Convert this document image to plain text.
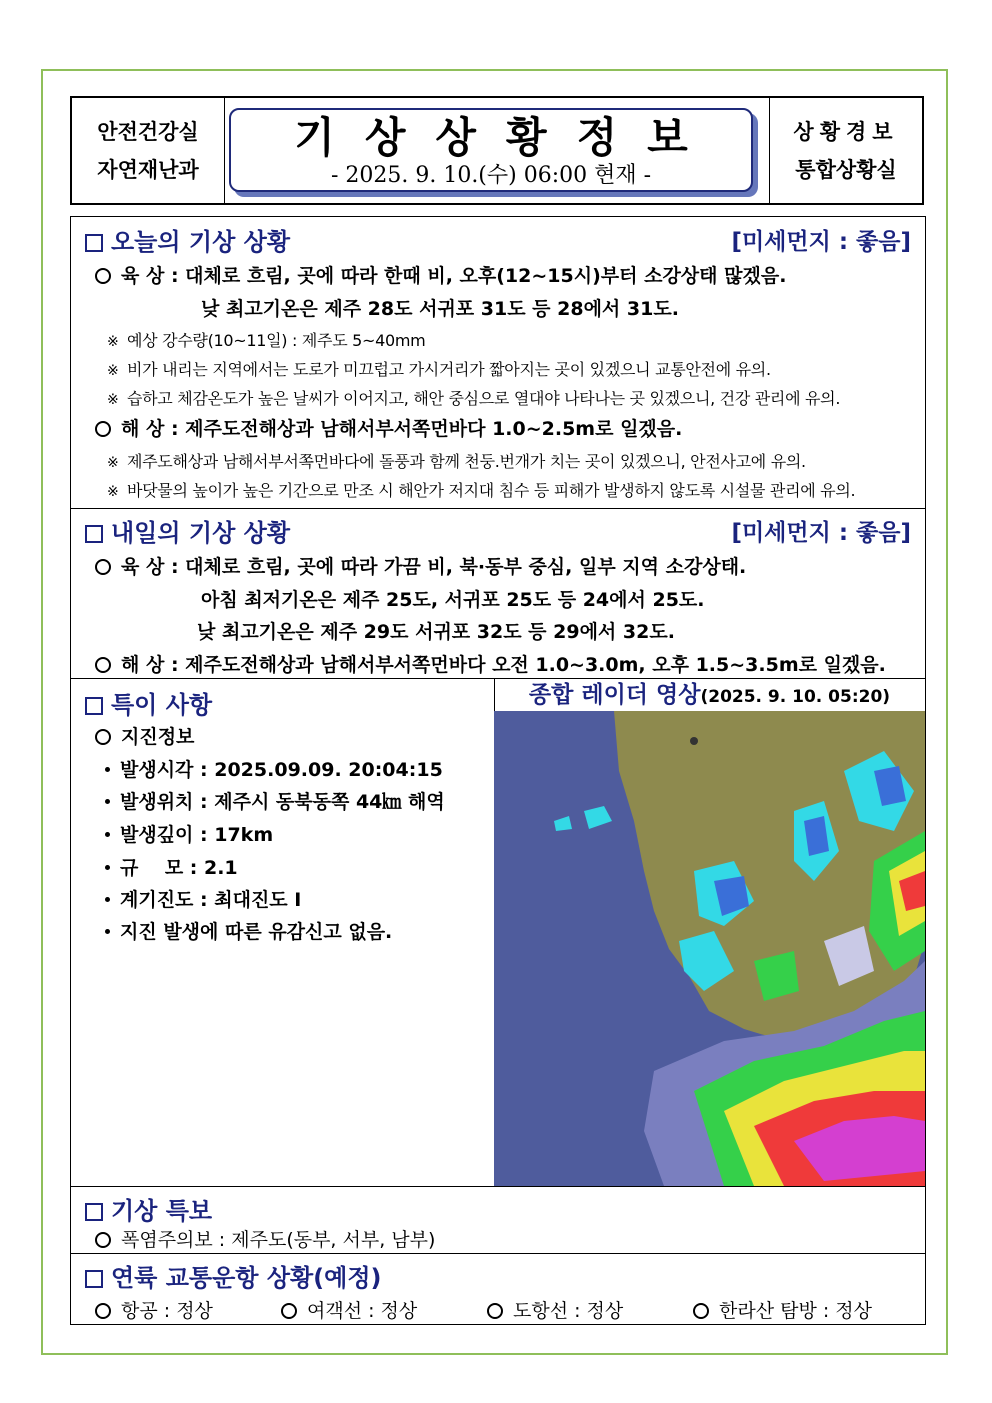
안전건강실
자연재난과
기상상황정보
- 2025. 9. 10.(수) 06:00 현재 -
상황경보
통합상황실
오늘의 기상 상황	[미세먼지 : 좋음]
육 상 : 대체로 흐림, 곳에 따라 한때 비, 오후(12~15시)부터 소강상태 많겠음.
낮 최고기온은 제주 28도 서귀포 31도 등 28에서 31도.
※ 예상 강수량(10~11일) : 제주도 5~40mm
※ 비가 내리는 지역에서는 도로가 미끄럽고 가시거리가 짧아지는 곳이 있겠으니 교통안전에 유의.
※ 습하고 체감온도가 높은 날씨가 이어지고, 해안 중심으로 열대야 나타나는 곳 있겠으니, 건강 관리에 유의.
해 상 : 제주도전해상과 남해서부서쪽먼바다 1.0~2.5m로 일겠음.
※ 제주도해상과 남해서부서쪽먼바다에 돌풍과 함께 천둥.번개가 치는 곳이 있겠으니, 안전사고에 유의.
※ 바닷물의 높이가 높은 기간으로 만조 시 해안가 저지대 침수 등 피해가 발생하지 않도록 시설물 관리에 유의.
내일의 기상 상황	[미세먼지 : 좋음]
육 상 : 대체로 흐림, 곳에 따라 가끔 비, 북·동부 중심, 일부 지역 소강상태.
아침 최저기온은 제주 25도, 서귀포 25도 등 24에서 25도.
낮 최고기온은 제주 29도 서귀포 32도 등 29에서 32도.
해 상 : 제주도전해상과 남해서부서쪽먼바다 오전 1.0~3.0m, 오후 1.5~3.5m로 일겠음.
특이 사항
지진정보
발생시각 : 2025.09.09. 20:04:15
발생위치 : 제주시 동북동쪽 44㎞ 해역
발생깊이 : 17km
규    모 : 2.1
계기진도 : 최대진도 Ⅰ
지진 발생에 따른 유감신고 없음.
종합 레이더 영상(2025. 9. 10. 05:20)
기상 특보
폭염주의보 : 제주도(동부, 서부, 남부)
연륙 교통운항 상황(예정)
항공 : 정상	여객선 : 정상	도항선 : 정상	한라산 탐방 : 정상
